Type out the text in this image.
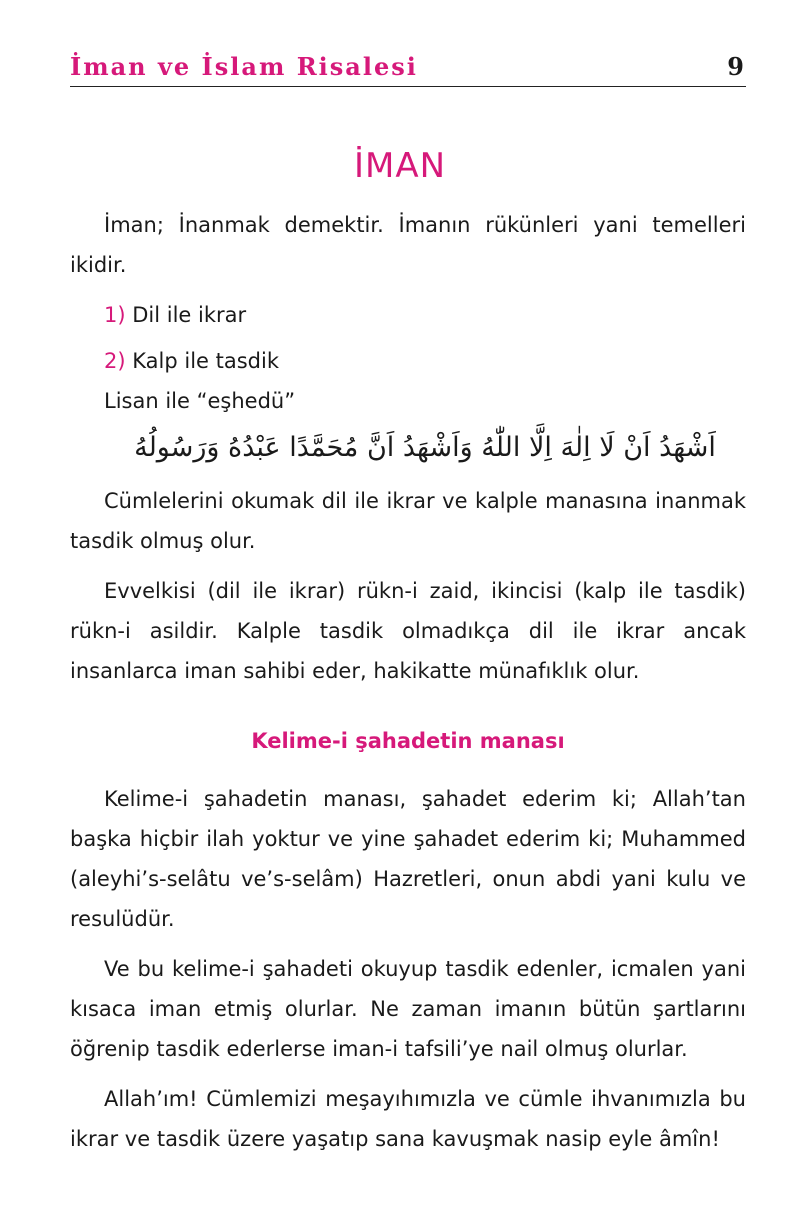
İman ve İslam Risalesi	9
İMAN

İman; İnanmak demektir. İmanın rükünleri yani temelleri ikidir.

1) Dil ile ikrar

2) Kalp ile tasdik

Lisan ile “eşhedü”

اَشْهَدُ اَنْ لَا اِلٰهَ اِلَّا اللّٰهُ وَاَشْهَدُ اَنَّ مُحَمَّدًا عَبْدُهُ وَرَسُولُهُ

Cümlelerini okumak dil ile ikrar ve kalple manasına inanmak tasdik olmuş olur.

Evvelkisi (dil ile ikrar) rükn-i zaid, ikincisi (kalp ile tasdik) rükn-i asildir. Kalple tasdik olmadıkça dil ile ikrar ancak insanlarca iman sahibi eder, hakikatte münafıklık olur.

Kelime-i şahadetin manası

Kelime-i şahadetin manası, şahadet ederim ki; Allah’tan başka hiçbir ilah yoktur ve yine şahadet ederim ki; Muhammed (aleyhi’s-selâtu ve’s-selâm) Hazretleri, onun abdi yani kulu ve resulüdür.

Ve bu kelime-i şahadeti okuyup tasdik edenler, icmalen yani kısaca iman etmiş olurlar. Ne zaman imanın bütün şartlarını öğrenip tasdik ederlerse iman-i tafsili’ye nail olmuş olurlar.

Allah’ım! Cümlemizi meşayıhımızla ve cümle ihvanımızla bu ikrar ve tasdik üzere yaşatıp sana kavuşmak nasip eyle âmîn!
